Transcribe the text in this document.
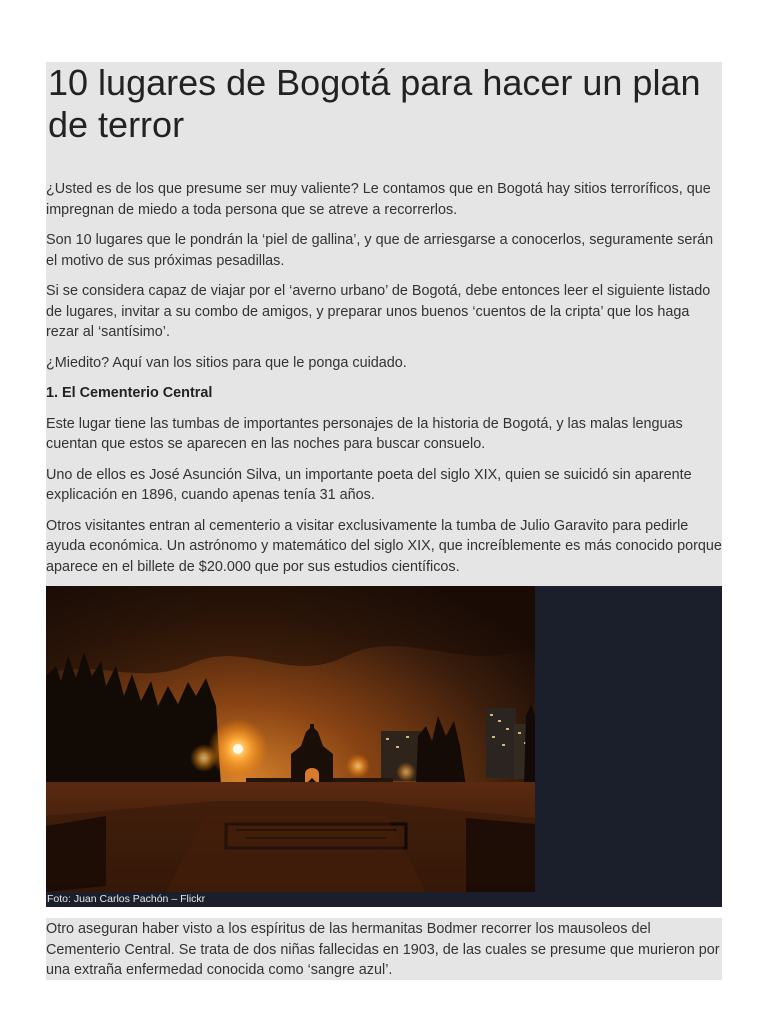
10 lugares de Bogotá para hacer un plan de terror

¿Usted es de los que presume ser muy valiente? Le contamos que en Bogotá hay sitios terroríficos, que impregnan de miedo a toda persona que se atreve a recorrerlos.

Son 10 lugares que le pondrán la ‘piel de gallina’, y que de arriesgarse a conocerlos, seguramente serán el motivo de sus próximas pesadillas.

Si se considera capaz de viajar por el ‘averno urbano’ de Bogotá, debe entonces leer el siguiente listado de lugares, invitar a su combo de amigos, y preparar unos buenos ‘cuentos de la cripta’ que los haga rezar al ‘santísimo’.

¿Miedito? Aquí van los sitios para que le ponga cuidado.

1. El Cementerio Central

Este lugar tiene las tumbas de importantes personajes de la historia de Bogotá, y las malas lenguas cuentan que estos se aparecen en las noches para buscar consuelo.

Uno de ellos es José Asunción Silva, un importante poeta del siglo XIX, quien se suicidó sin aparente explicación en 1896, cuando apenas tenía 31 años.

Otros visitantes entran al cementerio a visitar exclusivamente la tumba de Julio Garavito para pedirle ayuda económica. Un astrónomo y matemático del siglo XIX, que increíblemente es más conocido porque aparece en el billete de $20.000 que por sus estudios científicos.

Foto: Juan Carlos Pachón – Flickr

Otro aseguran haber visto a los espíritus de las hermanitas Bodmer recorrer los mausoleos del Cementerio Central. Se trata de dos niñas fallecidas en 1903, de las cuales se presume que murieron por una extraña enfermedad conocida como ‘sangre azul’.
